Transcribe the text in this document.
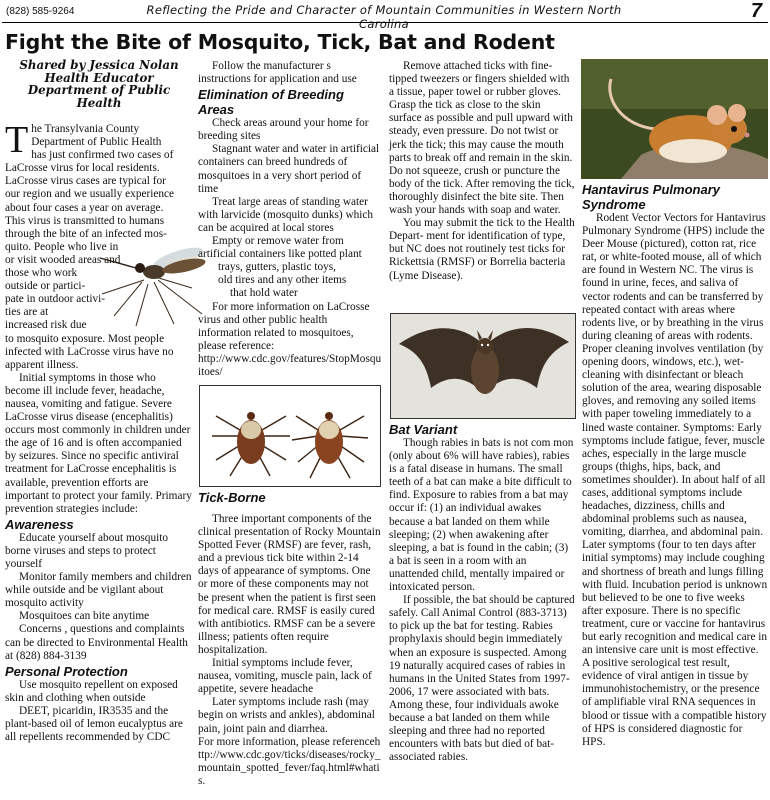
(828) 585-9264	Reflecting the Pride and Character of Mountain Communities in Western North Carolina
7
Fight the Bite of Mosquito, Tick, Bat and Rodent
Shared by Jessica Nolan
Health Educator
Department of Public
Health
T he Transylvania County
Department of Public Health
has just confirmed two cases of
LaCrosse virus for local residents.
LaCrosse virus cases are typical for
our region and we usually experience
about four cases a year on average.
This virus is transmitted to humans
through the bite of an infected mos-
quito. People who live in
or visit wooded areas and
those who work
outside or partici-
pate in outdoor activi-
ties are at
increased risk due
to mosquito exposure. Most people
infected with LaCrosse virus have no
apparent illness.

Initial symptoms in those who become ill include fever, headache, nausea, vomiting and fatigue. Severe LaCrosse virus disease (encephalitis) occurs most commonly in children under the age of 16 and is often accompanied by seizures. Since no specific antiviral treatment for LaCrosse encephalitis is available, prevention efforts are important to protect your family. Primary prevention strategies include:

Awareness

Educate yourself about mosquito borne viruses and steps to protect yourself

Monitor family members and children while outside and be vigilant about mosquito activity

Mosquitoes can bite anytime

Concerns , questions and complaints can be directed to Environmental Health at (828) 884-3139

Personal Protection

Use mosquito repellent on exposed skin and clothing when outside

DEET, picaridin, IR3535 and the plant-based oil of lemon eucalyptus are all repellents recommended by CDC

Follow the manufacturer s instructions for application and use

Elimination of Breeding Areas

Check areas around your home for breeding sites

Stagnant water and water in artificial containers can breed hundreds of mosquitoes in a very short period of time

Treat large areas of standing water with larvicide (mosquito dunks) which can be acquired at local stores

Empty or remove water from artificial containers like potted plant

trays, gutters, plastic toys,
old tires and any other items
that hold water

For more information on LaCrosse virus and other public health information related to mosquitoes, please reference:

http://www.cdc.gov/features/StopMosquitoes/

Tick-Borne

Three important components of the clinical presentation of Rocky Mountain Spotted Fever (RMSF) are fever, rash, and a previous tick bite within 2-14 days of appearance of symptoms. One or more of these components may not be present when the patient is first seen for medical care. RMSF is easily cured with antibiotics. RMSF can be a severe illness; patients often require hospitalization.

Initial symptoms include fever, nausea, vomiting, muscle pain, lack of appetite, severe headache

Later symptoms include rash (may begin on wrists and ankles), abdominal pain, joint pain and diarrhea.

For more information, please referencehttp://www.cdc.gov/ticks/diseases/rocky_mountain_spotted_fever/faq.html#whatis.

Remove attached ticks with fine-tipped tweezers or fingers shielded with a tissue, paper towel or rubber gloves. Grasp the tick as close to the skin surface as possible and pull upward with steady, even pressure. Do not twist or jerk the tick; this may cause the mouth parts to break off and remain in the skin. Do not squeeze, crush or puncture the body of the tick. After removing the tick, thoroughly disinfect the bite site. Then wash your hands with soap and water.

You may submit the tick to the Health Depart- ment for identification of type, but NC does not routinely test ticks for Rickettsia (RMSF) or Borrelia bacteria (Lyme Disease).

Bat Variant

Though rabies in bats is not com mon (only about 6% will have rabies), rabies is a fatal disease in humans. The small teeth of a bat can make a bite difficult to find. Exposure to rabies from a bat may occur if: (1) an individual awakes because a bat landed on them while sleeping; (2) when awakening after sleeping, a bat is found in the cabin; (3) a bat is seen in a room with an unattended child, mentally impaired or intoxicated person.

If possible, the bat should be captured safely. Call Animal Control (883-3713) to pick up the bat for testing. Rabies prophylaxis should begin immediately when an exposure is suspected. Among 19 naturally acquired cases of rabies in humans in the United States from 1997-2006, 17 were associated with bats. Among these, four individuals awoke because a bat landed on them while sleeping and three had no reported encounters with bats but died of bat-associated rabies.

Hantavirus Pulmonary Syndrome

Rodent Vector Vectors for Hantavirus Pulmonary Syndrome (HPS) include the Deer Mouse (pictured), cotton rat, rice rat, or white-footed mouse, all of which are found in Western NC. The virus is found in urine, feces, and saliva of vector rodents and can be transferred by repeated contact with areas where rodents live, or by breathing in the virus during cleaning of areas with rodents. Proper cleaning involves ventilation (by opening doors, windows, etc.), wet-cleaning with disinfectant or bleach solution of the area, wearing disposable gloves, and removing any soiled items with paper toweling immediately to a lined waste container. Symptoms: Early symptoms include fatigue, fever, muscle aches, especially in the large muscle groups (thighs, hips, back, and sometimes shoulder). In about half of all cases, additional symptoms include headaches, dizziness, chills and abdominal problems such as nausea, vomiting, diarrhea, and abdominal pain. Later symptoms (four to ten days after initial symptoms) may include coughing and shortness of breath and lungs filling with fluid. Incubation period is unknown but believed to be one to five weeks after exposure. There is no specific treatment, cure or vaccine for hantavirus but early recognition and medical care in an intensive care unit is most effective. A positive serological test result, evidence of viral antigen in tissue by immunohistochemistry, or the presence of amplifiable viral RNA sequences in blood or tissue with a compatible history of HPS is considered diagnostic for HPS.
